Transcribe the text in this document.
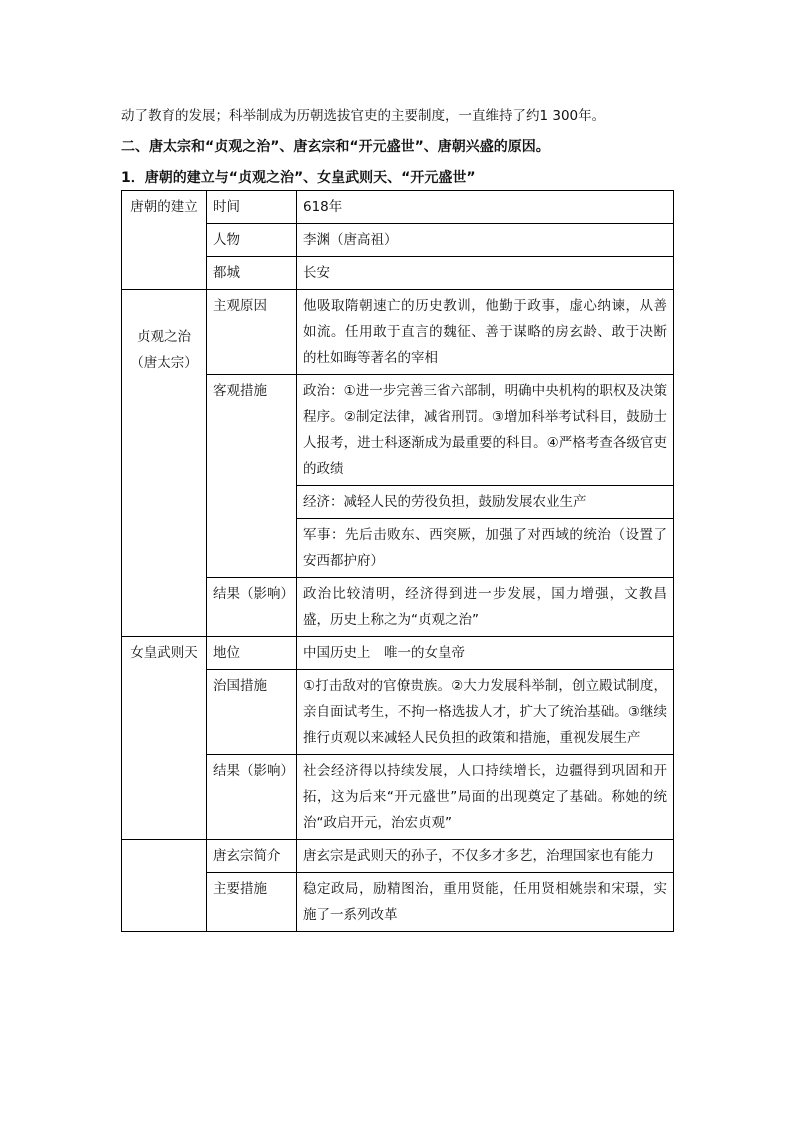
动了教育的发展；科举制成为历朝选拔官吏的主要制度，一直维持了约1 300年。
二、唐太宗和“贞观之治”、唐玄宗和“开元盛世”、唐朝兴盛的原因。
1．唐朝的建立与“贞观之治”、女皇武则天、“开元盛世”
唐朝的建立	时间	618年
	人物	李渊（唐高祖）
	都城	长安

贞观之治
（唐太宗）	主观原因	他吸取隋朝速亡的历史教训，他勤于政事，虚心纳谏，从善如流。任用敢于直言的魏征、善于谋略的房玄龄、敢于决断的杜如晦等著名的宰相
	客观措施	政治：①进一步完善三省六部制，明确中央机构的职权及决策程序。②制定法律，减省刑罚。③增加科举考试科目，鼓励士人报考，进士科逐渐成为最重要的科目。④严格考查各级官吏的政绩
		经济：减轻人民的劳役负担，鼓励发展农业生产
		军事：先后击败东、西突厥，加强了对西域的统治（设置了安西都护府）
	结果（影响）	政治比较清明，经济得到进一步发展，国力增强，文教昌盛，历史上称之为“贞观之治”
女皇武则天	地位	中国历史上　唯一的女皇帝
	治国措施	①打击敌对的官僚贵族。②大力发展科举制，创立殿试制度，亲自面试考生，不拘一格选拔人才，扩大了统治基础。③继续推行贞观以来减轻人民负担的政策和措施，重视发展生产
	结果（影响）	社会经济得以持续发展，人口持续增长，边疆得到巩固和开拓，这为后来“开元盛世”局面的出现奠定了基础。称她的统治“政启开元，治宏贞观”
	唐玄宗简介	唐玄宗是武则天的孙子，不仅多才多艺，治理国家也有能力
	主要措施	稳定政局，励精图治，重用贤能，任用贤相姚崇和宋璟，实施了一系列改革
